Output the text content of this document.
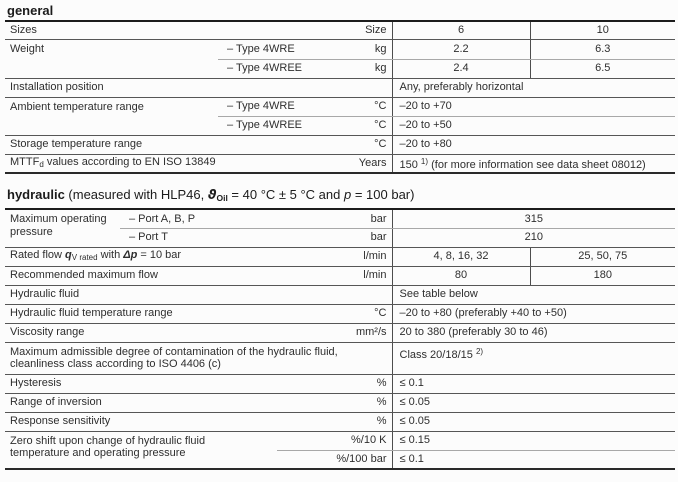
general
Sizes		Size	6	10
Weight	– Type 4WRE	kg	2.2	6.3
	– Type 4WREE	kg	2.4	6.5
Installation position			Any, preferably horizontal	
Ambient temperature range	– Type 4WRE	°C	–20 to +70	
	– Type 4WREE	°C	–20 to +50	
Storage temperature range		°C	–20 to +80	
$MTTF_d$ values according to EN ISO 13849		Years	150 $^{1)}$ (for more information see data sheet 08012)	
hydraulic (measured with HLP46, $ϑ_{Oil} = 40$ °C ± 5 °C and p = 100 bar)
Maximum operating pressure	– Port A, B, P	bar	315	
	– Port T	bar	210	
Rated flow $q_{V rated}$ with Δp = 10 bar		l/min	4, 8, 16, 32	25, 50, 75
Recommended maximum flow		l/min	80	180
Hydraulic fluid			See table below	
Hydraulic fluid temperature range		°C	–20 to +80 (preferably +40 to +50)	
Viscosity range		mm²/s	20 to 380 (preferably 30 to 46)	
Maximum admissible degree of contamination of the hydraulic fluid, cleanliness class according to ISO 4406 (c)			Class 20/18/15 $^{2)}$
Hysteresis		%	≤ 0.1	
Range of inversion		%	≤ 0.05	
Response sensitivity		%	≤ 0.05	
Zero shift upon change of hydraulic fluid temperature and operating pressure		%/10 K	≤ 0.15	
		%/100 bar	≤ 0.1	
